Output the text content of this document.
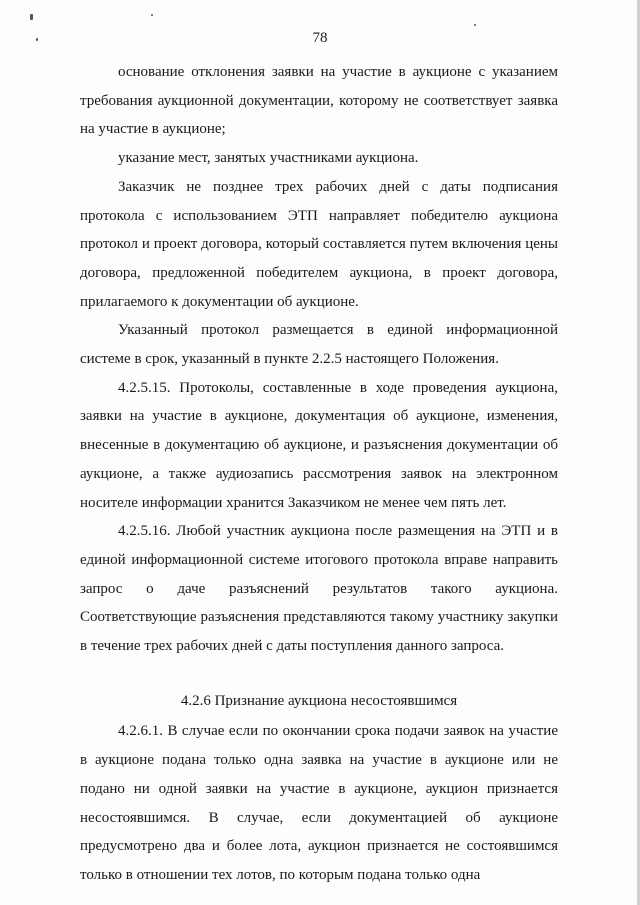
78

основание отклонения заявки на участие в аукционе с указанием требования аукционной документации, которому не соответствует заявка на участие в аукционе;

указание мест, занятых участниками аукциона.

Заказчик не позднее трех рабочих дней с даты подписания протокола с использованием ЭТП направляет победителю аукциона протокол и проект договора, который составляется путем включения цены договора, предложенной победителем аукциона, в проект договора, прилагаемого к документации об аукционе.

Указанный протокол размещается в единой информационной системе в срок, указанный в пункте 2.2.5 настоящего Положения.

4.2.5.15. Протоколы, составленные в ходе проведения аукциона, заявки на участие в аукционе, документация об аукционе, изменения, внесенные в документацию об аукционе, и разъяснения документации об аукционе, а также аудиозапись рассмотрения заявок на электронном носителе информации хранится Заказчиком не менее чем пять лет.

4.2.5.16. Любой участник аукциона после размещения на ЭТП и в единой информационной системе итогового протокола вправе направить запрос о даче разъяснений результатов такого аукциона. Соответствующие разъяснения представляются такому участнику закупки в течение трех рабочих дней с даты поступления данного запроса.

4.2.6 Признание аукциона несостоявшимся

4.2.6.1. В случае если по окончании срока подачи заявок на участие в аукционе подана только одна заявка на участие в аукционе или не подано ни одной заявки на участие в аукционе, аукцион признается несостоявшимся. В случае, если документацией об аукционе предусмотрено два и более лота, аукцион признается не состоявшимся только в отношении тех лотов, по которым подана только одна
